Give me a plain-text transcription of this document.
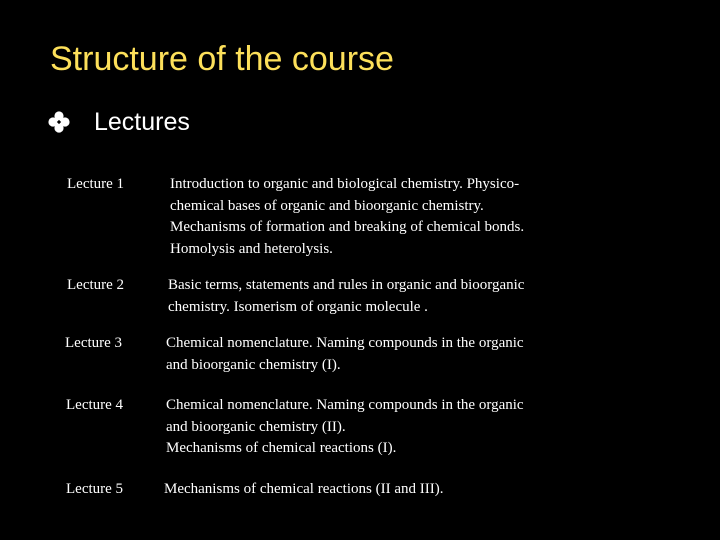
Structure of the course
Lectures
Lecture 1	Introduction to organic and biological chemistry. Physico-
chemical bases of organic and bioorganic chemistry.
Mechanisms of formation and breaking of chemical bonds.
Homolysis and heterolysis.
Lecture 2	Basic terms, statements and rules in organic and bioorganic
chemistry. Isomerism of organic molecule .
Lecture 3	Chemical nomenclature. Naming compounds in the organic
and bioorganic chemistry (I).
Lecture 4	Chemical nomenclature. Naming compounds in the organic
and bioorganic chemistry (II).
Mechanisms of chemical reactions (I).
Lecture 5	Mechanisms of chemical reactions (II and III).
